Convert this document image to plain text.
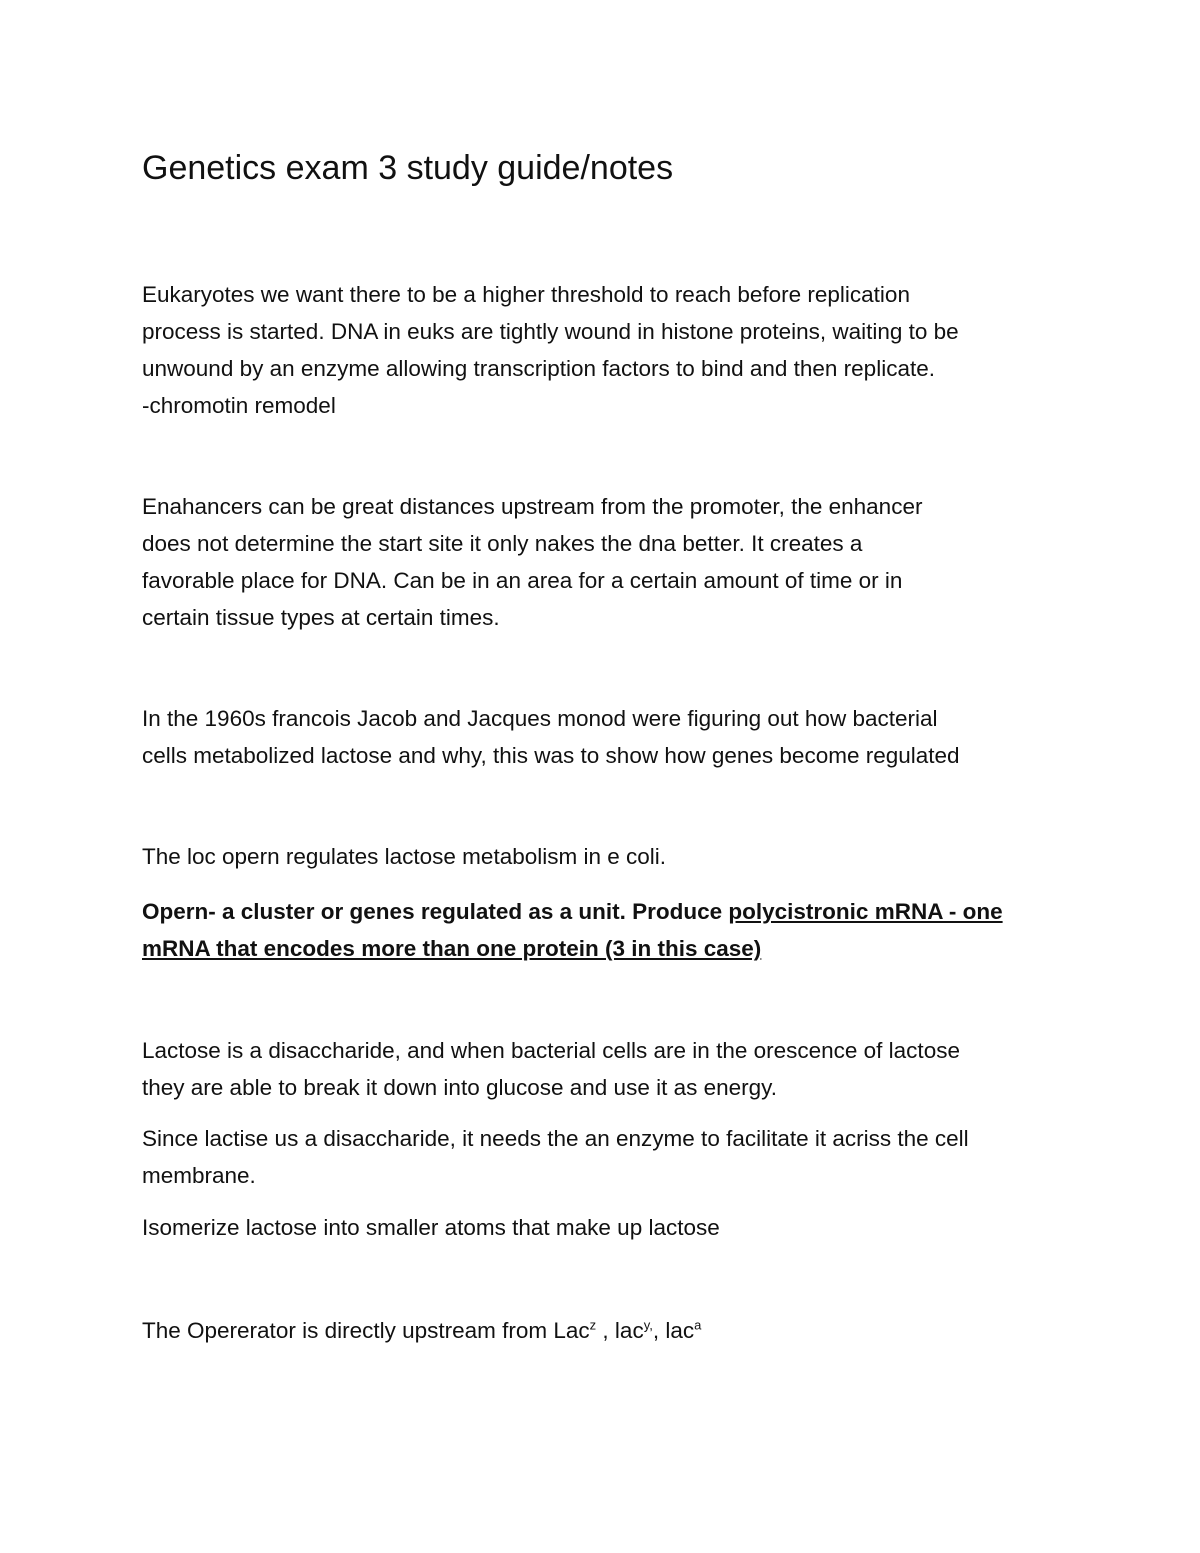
Genetics exam 3 study guide/notes
Eukaryotes we want there to be a higher threshold to reach before replication
process is started. DNA in euks are tightly wound in histone proteins, waiting to be
unwound by an enzyme allowing transcription factors to bind and then replicate.
-chromotin remodel
Enahancers can be great distances upstream from the promoter, the enhancer
does not determine the start site it only nakes the dna better. It creates a
favorable place for DNA. Can be in an area for a certain amount of time or in
certain tissue types at certain times.
In the 1960s francois Jacob and Jacques monod were figuring out how bacterial
cells metabolized lactose and why, this was to show how genes become regulated
The loc opern regulates lactose metabolism in e coli.
Opern- a cluster or genes regulated as a unit. Produce polycistronic mRNA - one
mRNA that encodes more than one protein (3 in this case)
Lactose is a disaccharide, and when bacterial cells are in the orescence of lactose
they are able to break it down into glucose and use it as energy.
Since lactise us a disaccharide, it needs the an enzyme to facilitate it acriss the cell
membrane.
Isomerize lactose into smaller atoms that make up lactose
The Opererator is directly upstream from Lac$^z$ , lac$^{y,}$, lac$^a$
